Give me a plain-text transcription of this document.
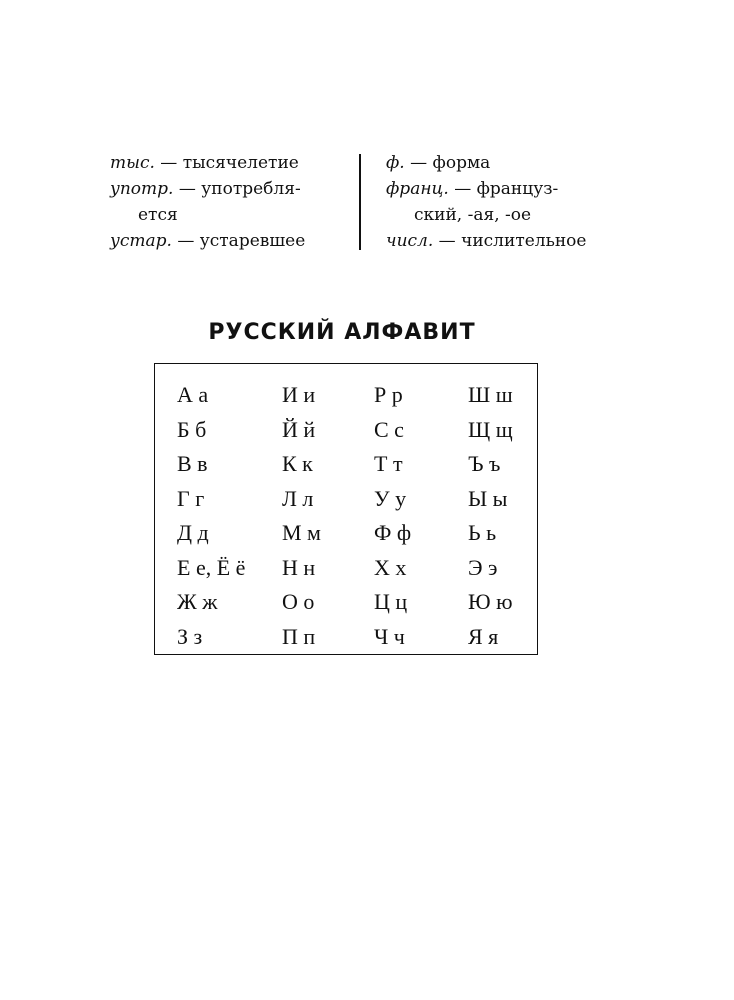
тыс. — тысячелетие

употр. — употребля-

ется

устар. — устаревшее

ф. — форма

франц. — француз-

ский, -ая, -ое

числ. — числительное

РУССКИЙ АЛФАВИТ
А а
Б б
В в
Г г
Д д
Е е, Ё ё
Ж ж
З з
И и
Й й
К к
Л л
М м
Н н
О о
П п
Р р
С с
Т т
У у
Ф ф
Х х
Ц ц
Ч ч
Ш ш
Щ щ
Ъ ъ
Ы ы
Ь ь
Э э
Ю ю
Я я
